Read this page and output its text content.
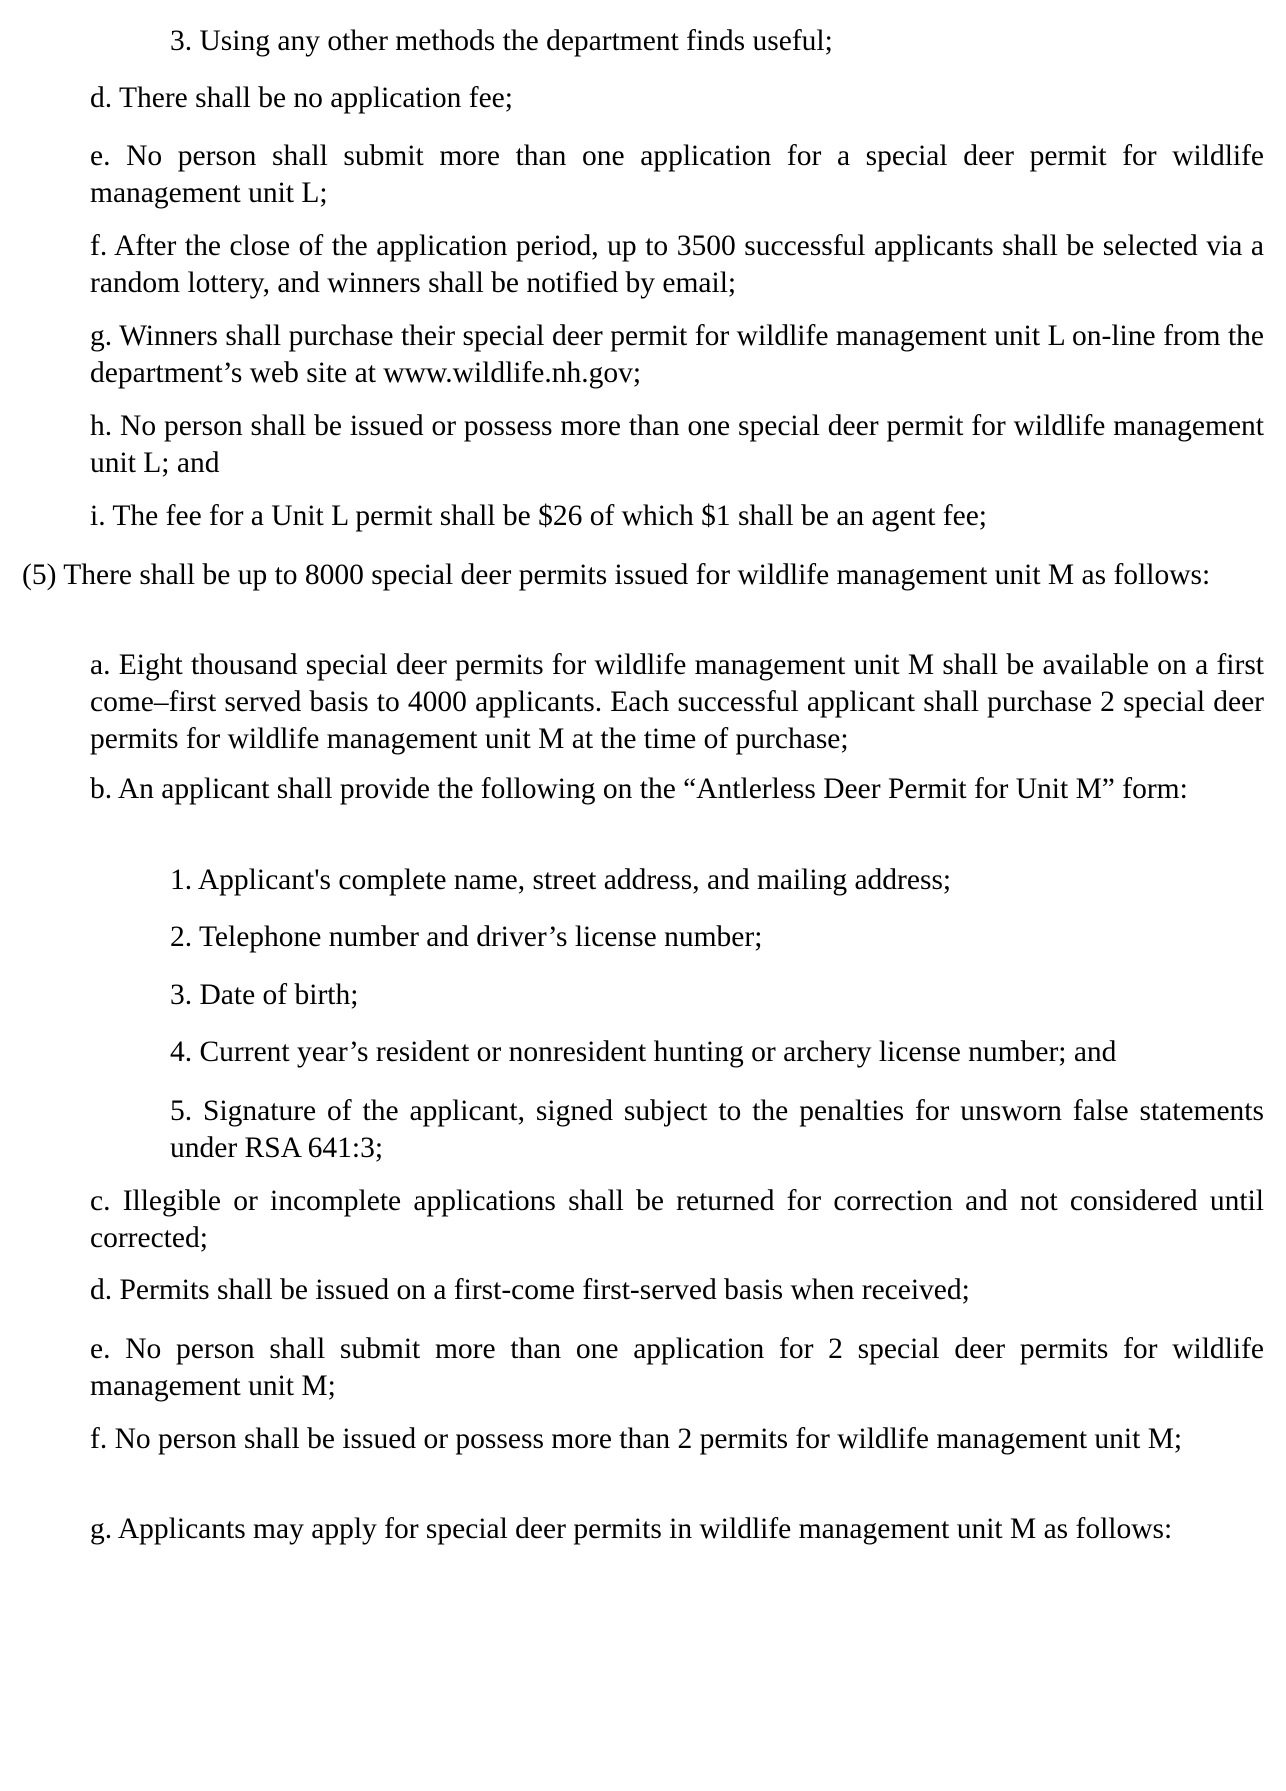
3. Using any other methods the department finds useful;

d. There shall be no application fee;

e. No person shall submit more than one application for a special deer permit for wildlife management unit L;

f. After the close of the application period, up to 3500 successful applicants shall be selected via a random lottery, and winners shall be notified by email;

g. Winners shall purchase their special deer permit for wildlife management unit L on-line from the department’s web site at www.wildlife.nh.gov;

h. No person shall be issued or possess more than one special deer permit for wildlife management unit L; and

i. The fee for a Unit L permit shall be $26 of which $1 shall be an agent fee;

(5) There shall be up to 8000 special deer permits issued for wildlife management unit M as follows:

a. Eight thousand special deer permits for wildlife management unit M shall be available on a first come–first served basis to 4000 applicants. Each successful applicant shall purchase 2 special deer permits for wildlife management unit M at the time of purchase;

b. An applicant shall provide the following on the “Antlerless Deer Permit for Unit M” form:

1. Applicant's complete name, street address, and mailing address;

2. Telephone number and driver’s license number;

3. Date of birth;

4. Current year’s resident or nonresident hunting or archery license number; and

5. Signature of the applicant, signed subject to the penalties for unsworn false statements under RSA 641:3;

c. Illegible or incomplete applications shall be returned for correction and not considered until corrected;

d. Permits shall be issued on a first-come first-served basis when received;

e. No person shall submit more than one application for 2 special deer permits for wildlife management unit M;

f. No person shall be issued or possess more than 2 permits for wildlife management unit M;

g. Applicants may apply for special deer permits in wildlife management unit M as follows:
